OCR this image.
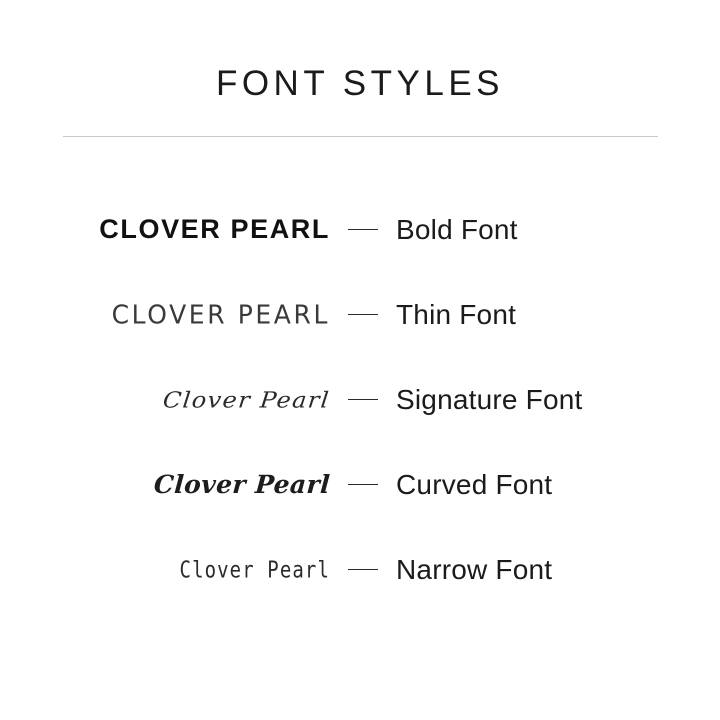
FONT STYLES
CLOVER PEARL Bold Font
CLOVER PEARL Thin Font
Clover Pearl Signature Font
Clover Pearl Curved Font
Clover Pearl Narrow Font
